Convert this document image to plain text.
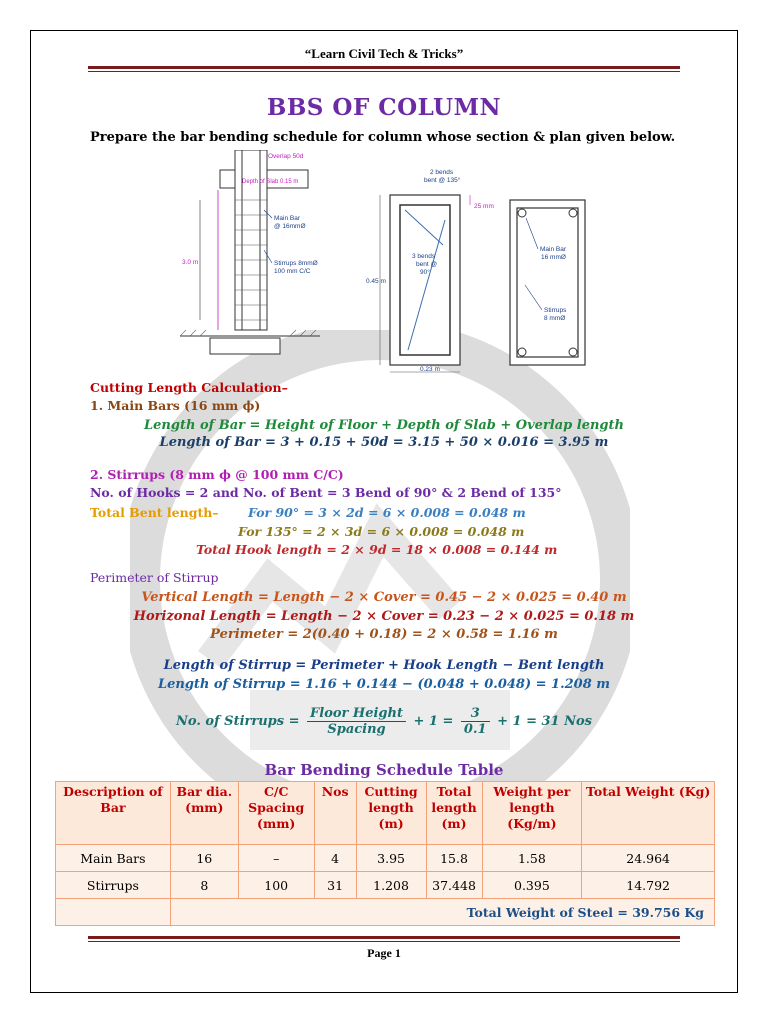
“Learn Civil Tech & Tricks”
BBS OF COLUMN
Prepare the bar bending schedule for column whose section & plan given below.
3.0 m
Overlap 50d
Depth of Slab 0.15 m
Main Bar
@ 16mmØ
Stirrups 8mmØ
100 mm C/C
0.45 m
0.23 m
2 bends
bent @ 135°
25 mm
3 bends
bent @
90°
Main Bar
16 mmØ
Stirrups
8 mmØ
Cutting Length Calculation–
1. Main Bars (16 mm ϕ)
Length of Bar = Height of Floor + Depth of Slab + Overlap length
Length of Bar = 3 + 0.15 + 50d = 3.15 + 50 × 0.016 = 3.95 m
2. Stirrups (8 mm ϕ @ 100 mm C/C)
No. of Hooks = 2 and No. of Bent = 3 Bend of 90° & 2 Bend of 135°
Total Bent length– For 90° = 3 × 2d = 6 × 0.008 = 0.048 m
For 135° = 2 × 3d = 6 × 0.008 = 0.048 m
Total Hook length = 2 × 9d = 18 × 0.008 = 0.144 m
Perimeter of Stirrup
Vertical Length = Length − 2 × Cover = 0.45 − 2 × 0.025 = 0.40 m
Horizonal Length = Length − 2 × Cover = 0.23 − 2 × 0.025 = 0.18 m
Perimeter = 2(0.40 + 0.18) = 2 × 0.58 = 1.16 m
Length of Stirrup = Perimeter + Hook Length − Bent length
Length of Stirrup = 1.16 + 0.144 − (0.048 + 0.048) = 1.208 m
No. of Stirrups = $\frac{\text{Floor Height}}{\text{Spacing}} + 1 = \frac{3}{0.1} + 1 = 31$ Nos
Bar Bending Schedule Table
Description of Bar	Bar dia. (mm)	C/C Spacing (mm)	Nos	Cutting length (m)	Total length (m)	Weight per length (Kg/m)	Total Weight (Kg)
Main Bars	16	–	4	3.95	15.8	1.58	24.964
Stirrups	8	100	31	1.208	37.448	0.395	14.792
	Total Weight of Steel = 39.756 Kg						
Page 1
